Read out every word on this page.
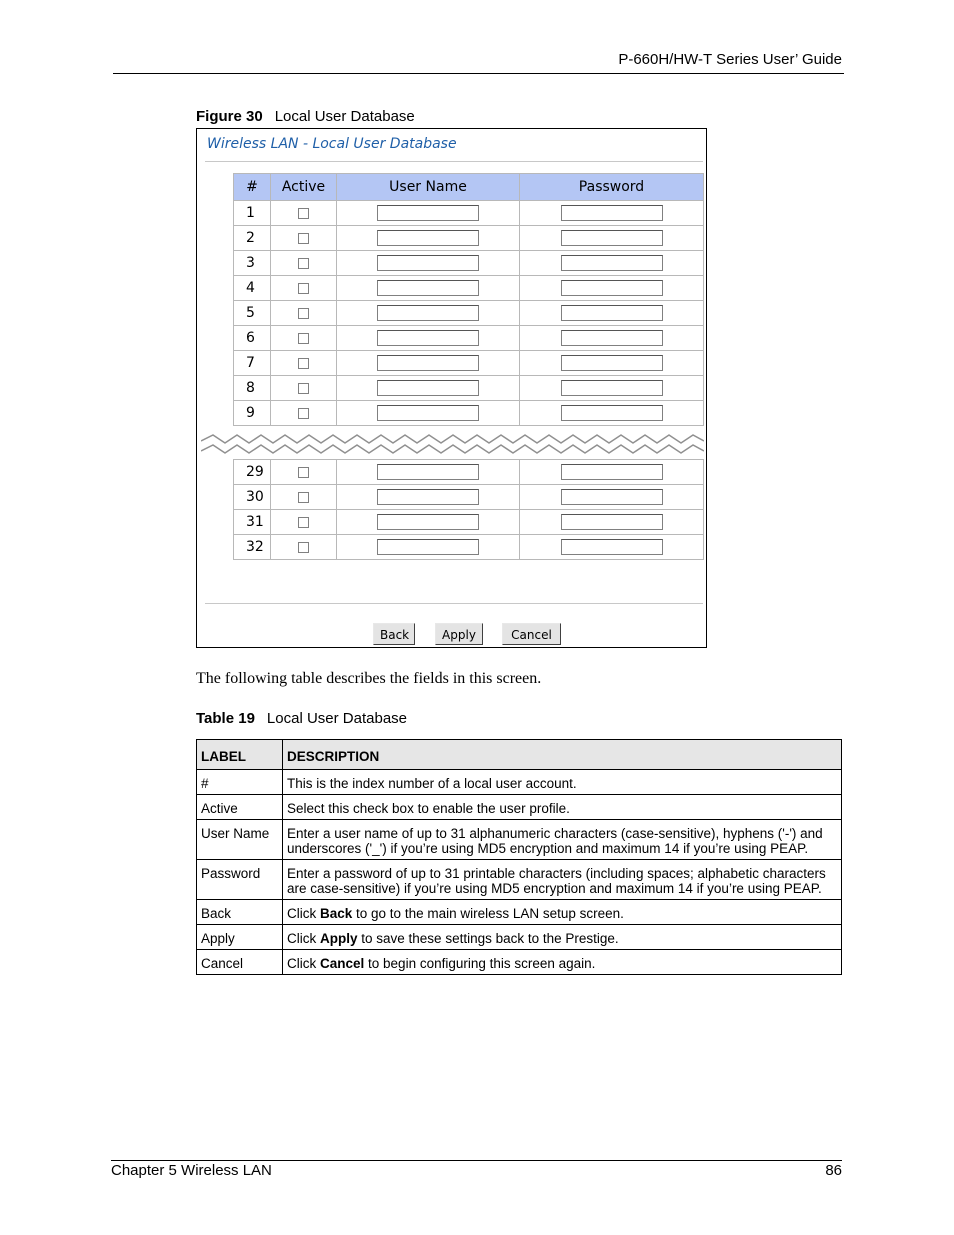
P-660H/HW-T Series User’ Guide
Figure 30 Local User Database
Wireless LAN - Local User Database
#	Active	User Name	Password
1			
2			
3			
4			
5			
6			
7			
8			
9			
29			
30			
31			
32			
Back	Apply	Cancel
The following table describes the fields in this screen.
Table 19 Local User Database
LABEL	DESCRIPTION
#	This is the index number of a local user account.
Active	Select this check box to enable the user profile.
User Name	Enter a user name of up to 31 alphanumeric characters (case-sensitive), hyphens ('-') and underscores ('_') if you’re using MD5 encryption and maximum 14 if you’re using PEAP.
Password	Enter a password of up to 31 printable characters (including spaces; alphabetic characters are case-sensitive) if you’re using MD5 encryption and maximum 14 if you’re using PEAP.
Back	Click Back to go to the main wireless LAN setup screen.
Apply	Click Apply to save these settings back to the Prestige.
Cancel	Click Cancel to begin configuring this screen again.
Chapter 5 Wireless LAN	86
